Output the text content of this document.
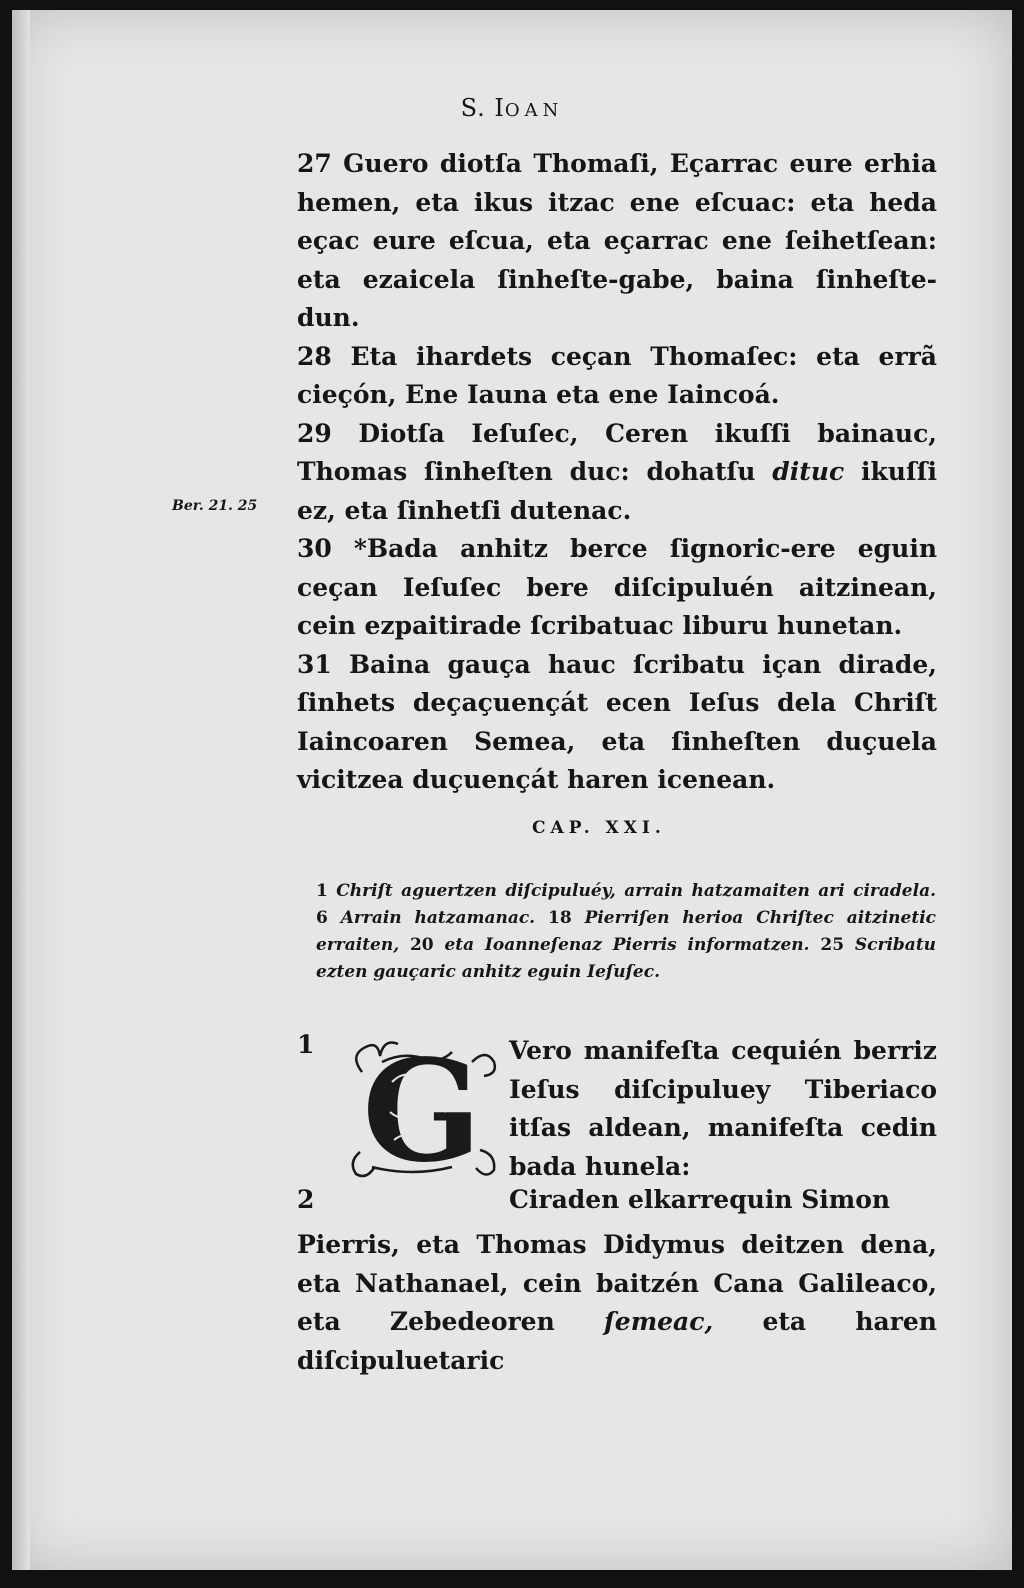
S. IOAN

27 Guero diotſa Thomaſi, Eçarrac eure erhia hemen, eta ikus itzac ene eſcuac: eta heda eçac eure eſcua, eta eçarrac ene ſeihetſean: eta ezaicela ſinheſte-gabe, baina ſinheſte-dun.

28 Eta ihardets ceçan Thomaſec: eta errã cieçón, Ene Iauna eta ene Iaincoá.

29 Diotſa Ieſuſec, Ceren ikuſſi bainauc, Thomas ſinheſten duc: dohatſu dituc ikuſſi ez, eta ſinhetſi dutenac.

30 *Bada anhitz berce ſignoric-ere eguin ceçan Ieſuſec bere diſcipuluén aitzinean, cein ezpaitirade ſcribatuac liburu hunetan.

31 Baina gauça hauc ſcribatu içan dirade, ſinhets deçaçuençát ecen Ieſus dela Chriſt Iaincoaren Semea, eta ſinheſten duçuela vicitzea duçuençát haren icenean.

Ber. 21. 25
CAP. XXI.
1 Chriſt aguertzen diſcipuluéy, arrain hatzamaiten ari ciradela. 6 Arrain hatzamanac. 18 Pierriſen herioa Chriſtec aitzinetic erraiten, 20 eta Ioanneſenaz Pierris informatzen. 25 Scribatu ezten gauçaric anhitz eguin Ieſuſec.
1 G Vero manifeſta cequién berriz Ieſus diſcipuluey Tiberiaco itſas aldean, manifeſta cedin bada hunela:
2	Ciraden elkarrequin Simon
Pierris, eta Thomas Didymus deitzen dena, eta Nathanael, cein baitzén Cana Galileaco, eta Zebedeoren ſemeac, eta haren diſcipuluetaric
